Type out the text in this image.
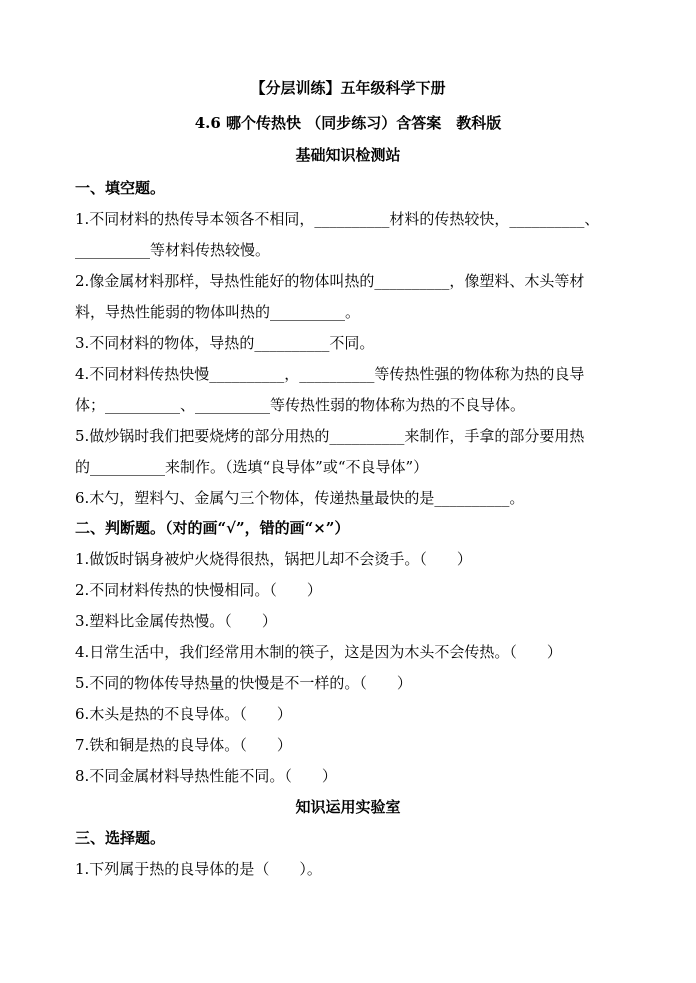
【分层训练】五年级科学下册
4.6 哪个传热快 （同步练习）含答案　教科版
基础知识检测站
一、填空题。
1.不同材料的热传导本领各不相同，__________材料的传热较快，__________、
__________等材料传热较慢。
2.像金属材料那样，导热性能好的物体叫热的__________，像塑料、木头等材
料，导热性能弱的物体叫热的__________。
3.不同材料的物体，导热的__________不同。
4.不同材料传热快慢__________，__________等传热性强的物体称为热的良导
体；__________、__________等传热性弱的物体称为热的不良导体。
5.做炒锅时我们把要烧烤的部分用热的__________来制作，手拿的部分要用热
的__________来制作。（选填“良导体”或“不良导体”）
6.木勺，塑料勺、金属勺三个物体，传递热量最快的是__________。
二、判断题。（对的画“√”，错的画“×”）
1.做饭时锅身被炉火烧得很热，锅把儿却不会烫手。（　　）
2.不同材料传热的快慢相同。（　　）
3.塑料比金属传热慢。（　　）
4.日常生活中，我们经常用木制的筷子，这是因为木头不会传热。（　　）
5.不同的物体传导热量的快慢是不一样的。（　　）
6.木头是热的不良导体。（　　）
7.铁和铜是热的良导体。（　　）
8.不同金属材料导热性能不同。（　　）
知识运用实验室
三、选择题。
1.下列属于热的良导体的是（　　）。
